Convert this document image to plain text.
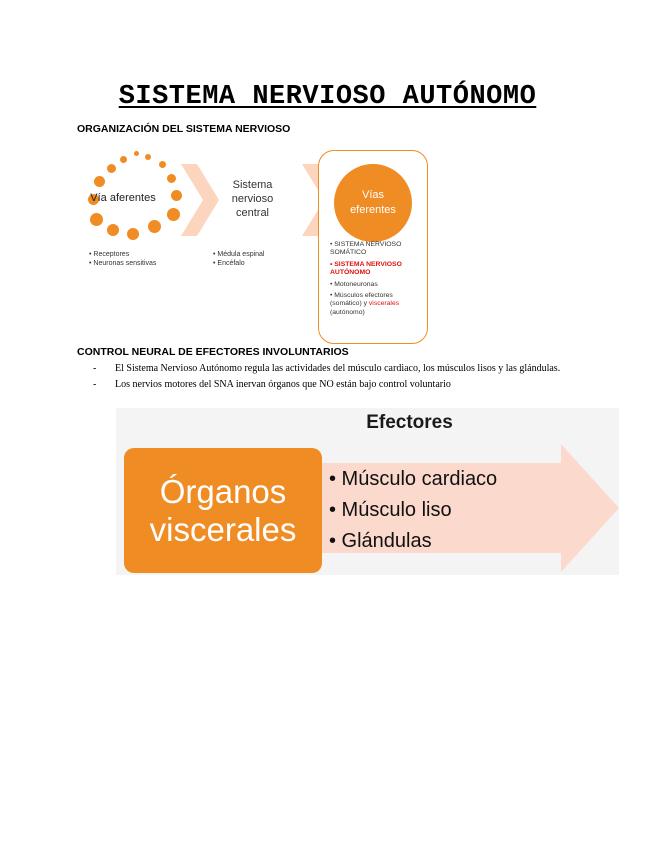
SISTEMA NERVIOSO AUTÓNOMO
ORGANIZACIÓN DEL SISTEMA NERVIOSO
Vía aferentes
• Receptores
• Neuronas sensitivas
Sistema
nervioso
central
• Médula espinal
• Encéfalo
Vías
eferentes
• SISTEMA NERVIOSO SOMÁTICO
• SISTEMA NERVIOSO AUTÓNOMO
• Motoneuronas
• Músculos efectores (somático) y viscerales (autónomo)
CONTROL NEURAL DE EFECTORES INVOLUNTARIOS
- El Sistema Nervioso Autónomo regula las actividades del músculo cardiaco, los músculos lisos y las glándulas.
- Los nervios motores del SNA inervan órganos que NO están bajo control voluntario
Efectores
Órganos
viscerales
• Músculo cardiaco
• Músculo liso
• Glándulas
